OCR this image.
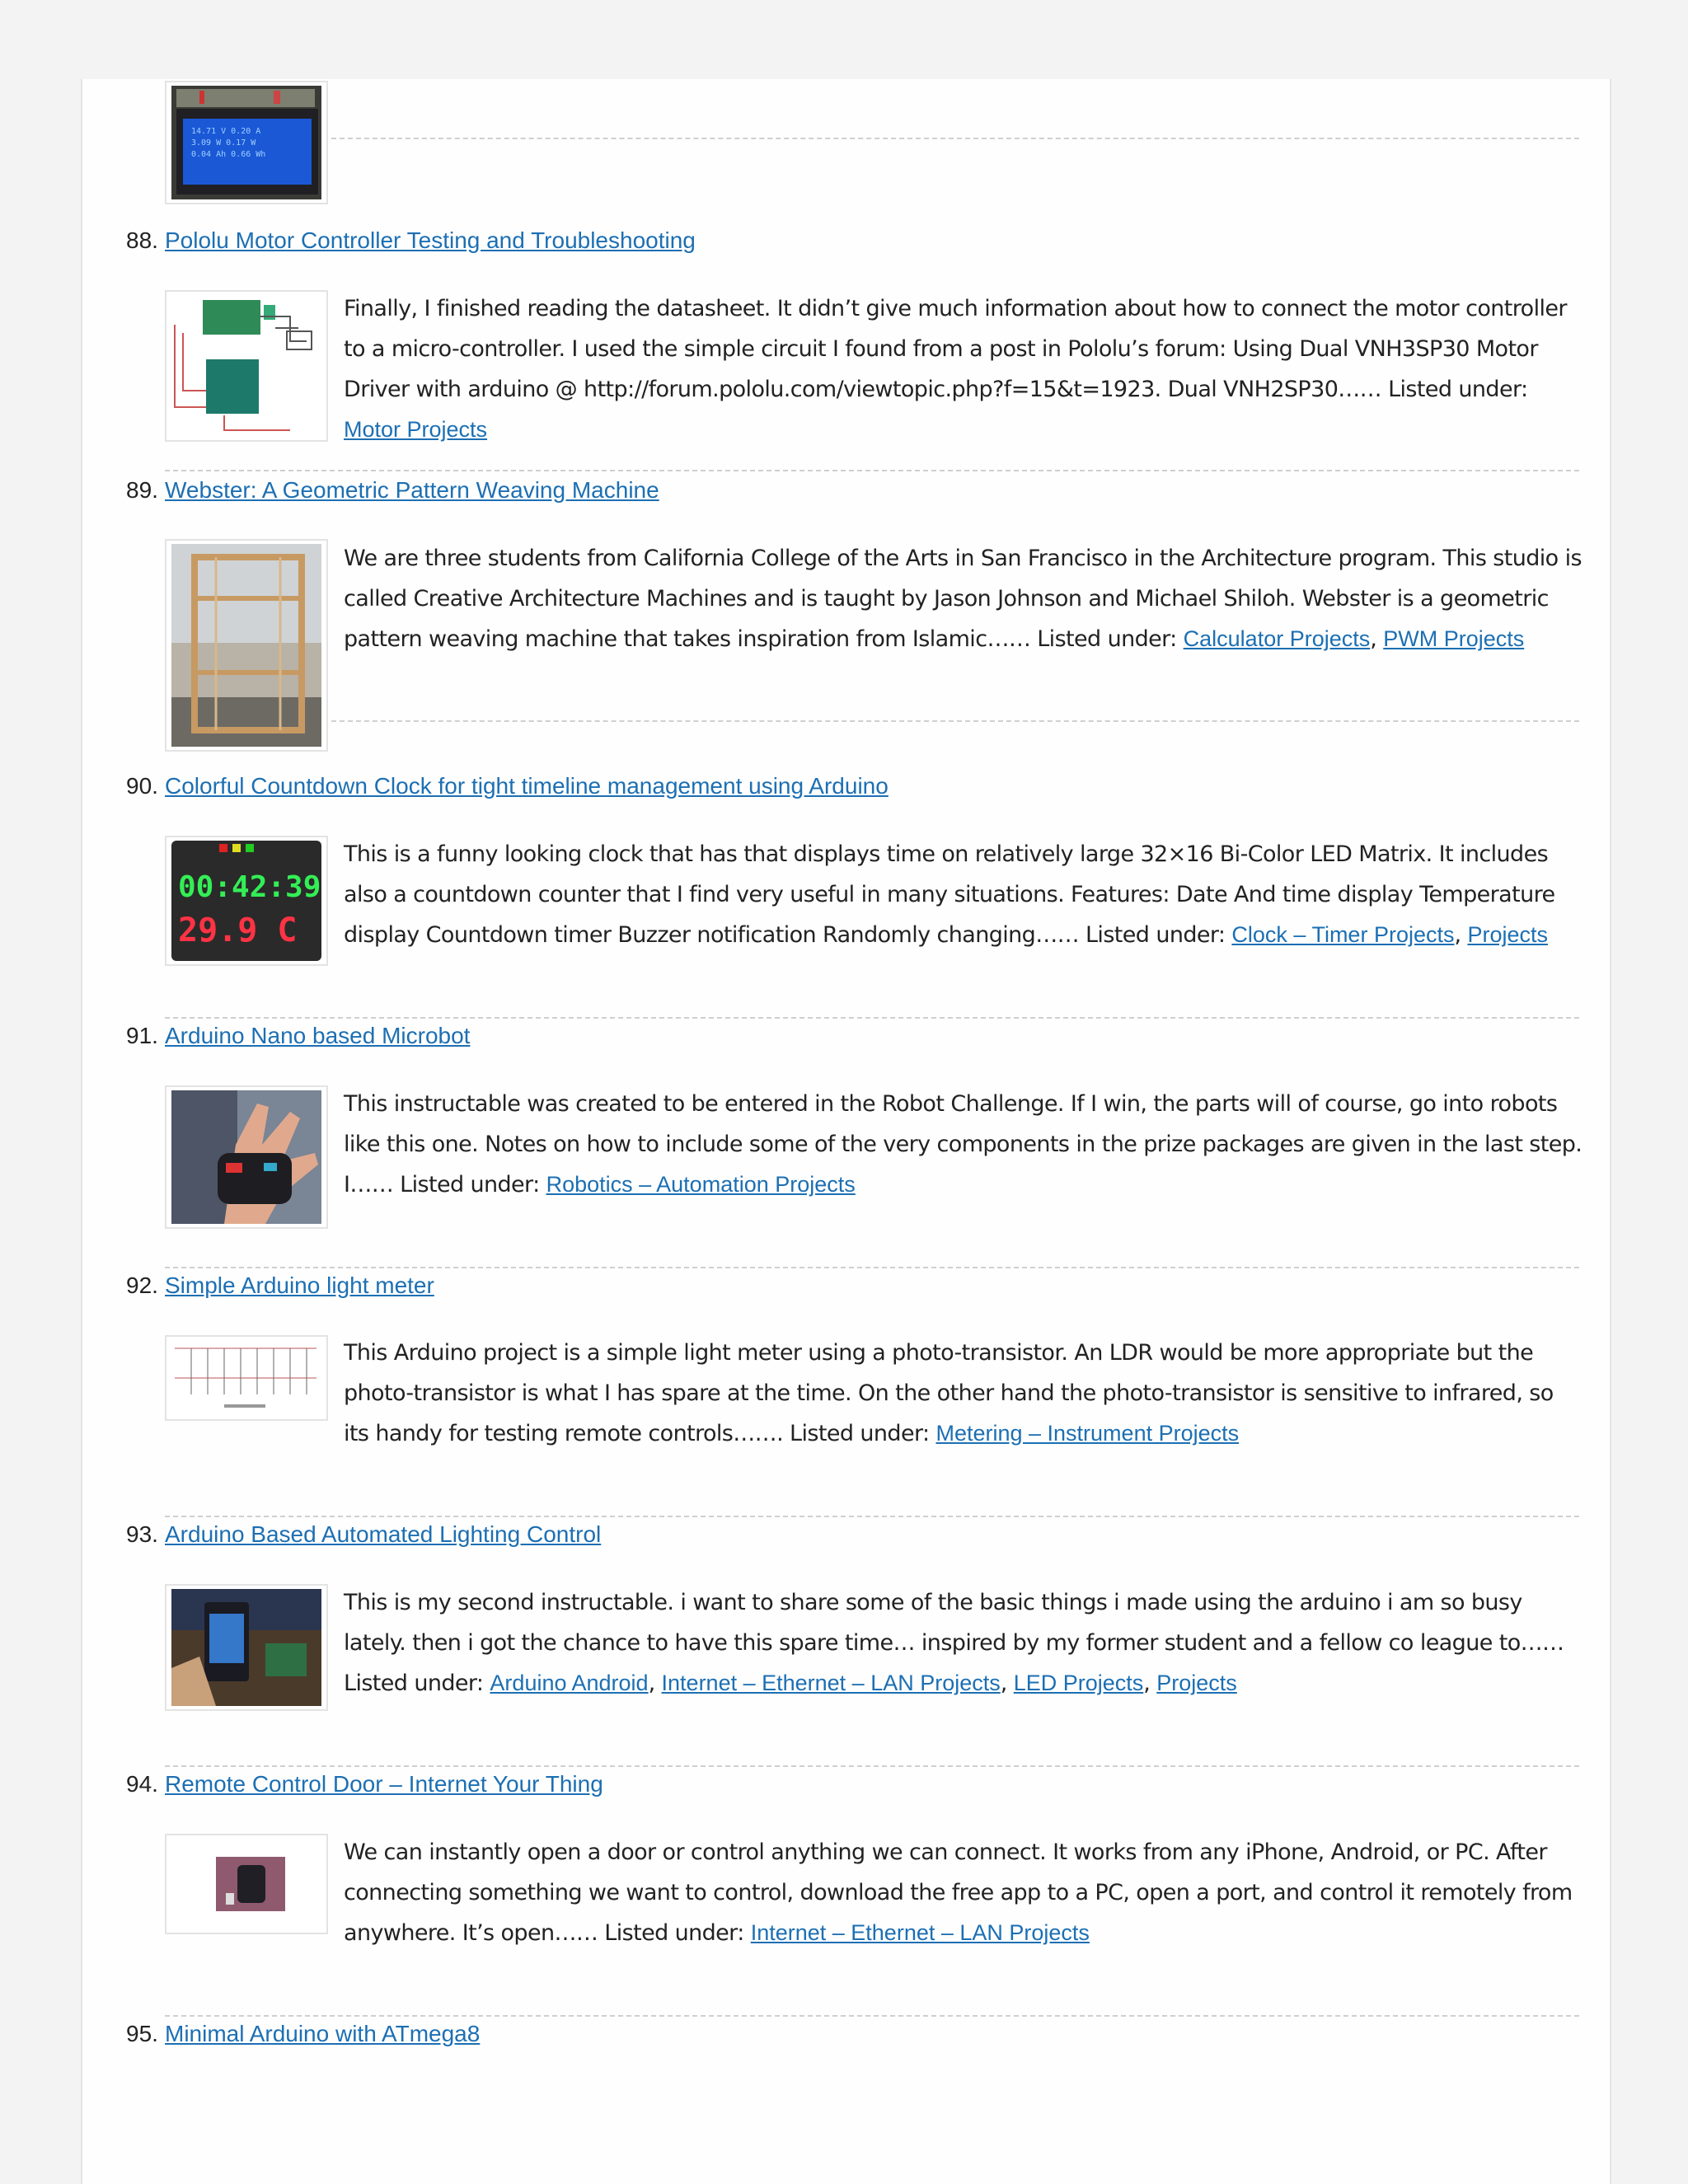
14.71 V 0.20 A
3.09 W 0.17 W
0.04 Ah 0.66 Wh
88. Pololu Motor Controller Testing and Troubleshooting
Finally, I finished reading the datasheet. It didn’t give much information about how to connect the motor controller to a micro-controller. I used the simple circuit I found from a post in Pololu’s forum: Using Dual VNH3SP30 Motor Driver with arduino @ http://forum.pololu.com/viewtopic.php?f=15&t=1923. Dual VNH2SP30…… Listed under: Motor Projects
89. Webster: A Geometric Pattern Weaving Machine
We are three students from California College of the Arts in San Francisco in the Architecture program. This studio is called Creative Architecture Machines and is taught by Jason Johnson and Michael Shiloh. Webster is a geometric pattern weaving machine that takes inspiration from Islamic…… Listed under: Calculator Projects, PWM Projects
90. Colorful Countdown Clock for tight timeline management using Arduino
00:42:39
29.9 C
This is a funny looking clock that has that displays time on relatively large 32×16 Bi-Color LED Matrix. It includes also a countdown counter that I find very useful in many situations. Features: Date And time display Temperature display Countdown timer Buzzer notification Randomly changing…… Listed under: Clock – Timer Projects, Projects
91. Arduino Nano based Microbot
This instructable was created to be entered in the Robot Challenge. If I win, the parts will of course, go into robots like this one. Notes on how to include some of the very components in the prize packages are given in the last step. I…… Listed under: Robotics – Automation Projects
92. Simple Arduino light meter
This Arduino project is a simple light meter using a photo-transistor. An LDR would be more appropriate but the photo-transistor is what I has spare at the time. On the other hand the photo-transistor is sensitive to infrared, so its handy for testing remote controls……. Listed under: Metering – Instrument Projects
93. Arduino Based Automated Lighting Control
This is my second instructable. i want to share some of the basic things i made using the arduino i am so busy lately. then i got the chance to have this spare time… inspired by my former student and a fellow co league to…… Listed under: Arduino Android, Internet – Ethernet – LAN Projects, LED Projects, Projects
94. Remote Control Door – Internet Your Thing
We can instantly open a door or control anything we can connect. It works from any iPhone, Android, or PC. After connecting something we want to control, download the free app to a PC, open a port, and control it remotely from anywhere. It’s open…… Listed under: Internet – Ethernet – LAN Projects
95. Minimal Arduino with ATmega8
